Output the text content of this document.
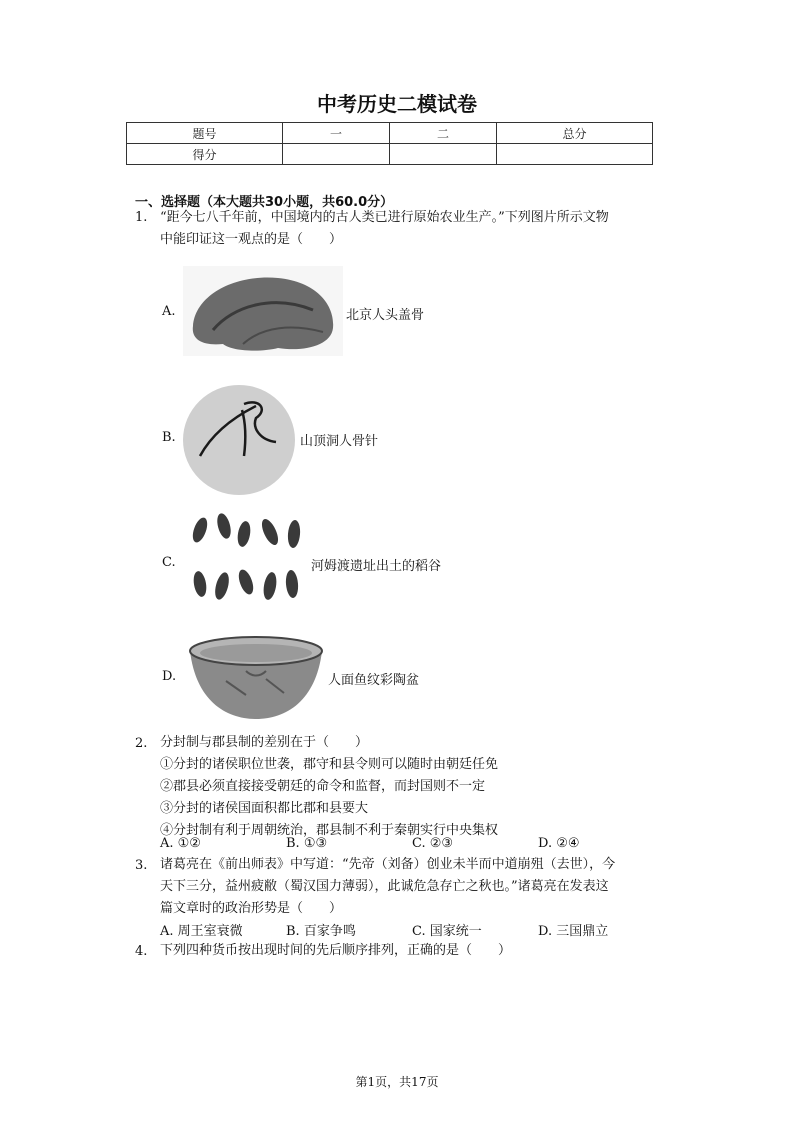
中考历史二模试卷
题号	一	二	总分
得分			
一、选择题（本大题共30小题，共60.0分）
1. “距今七八千年前，中国境内的古人类已进行原始农业生产。”下列图片所示文物
中能印证这一观点的是（　　）
A.	北京人头盖骨
B.	山顶洞人骨针
C.	河姆渡遗址出土的稻谷
D.	人面鱼纹彩陶盆
2. 分封制与郡县制的差别在于（　　）
①分封的诸侯职位世袭，郡守和县令则可以随时由朝廷任免
②郡县必须直接接受朝廷的命令和监督，而封国则不一定
③分封的诸侯国面积都比郡和县要大
④分封制有利于周朝统治，郡县制不利于秦朝实行中央集权
A. ①②	B. ①③	C. ②③	D. ②④
3. 诸葛亮在《前出师表》中写道：“先帝（刘备）创业未半而中道崩殂（去世），今
天下三分，益州疲敝（蜀汉国力薄弱），此诚危急存亡之秋也。”诸葛亮在发表这
篇文章时的政治形势是（　　）
A. 周王室衰微	B. 百家争鸣	C. 国家统一	D. 三国鼎立
4. 下列四种货币按出现时间的先后顺序排列，正确的是（　　）
第1页，共17页
